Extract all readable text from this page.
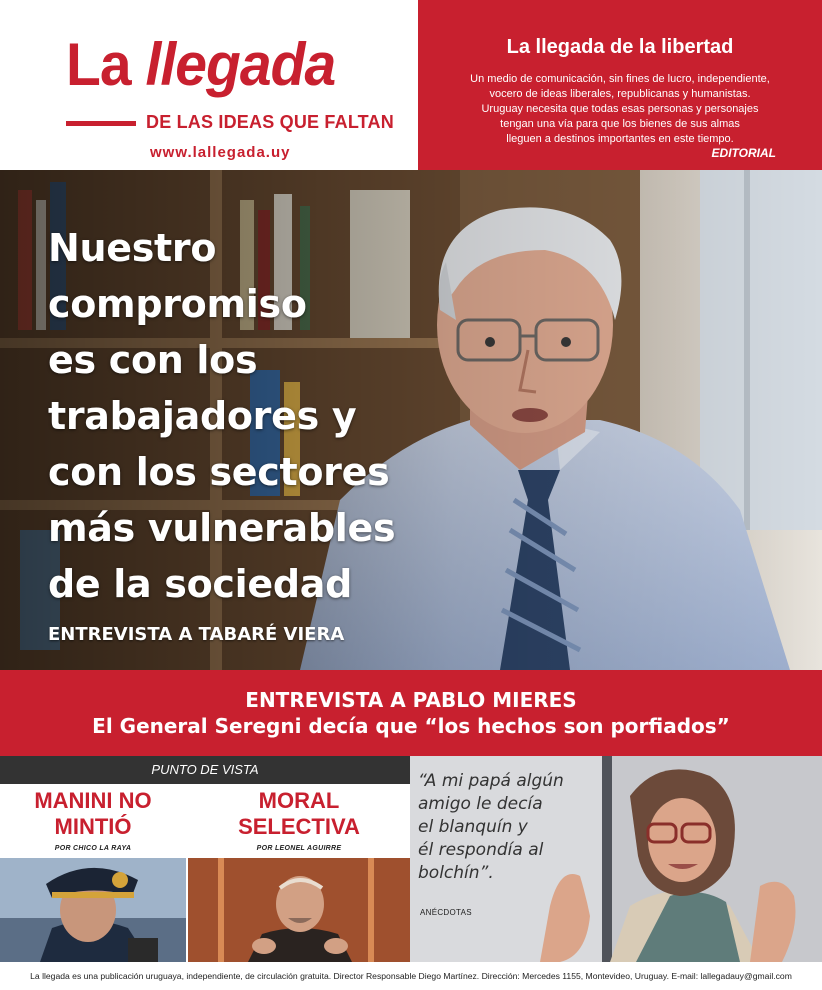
La llegada
DE LAS IDEAS QUE FALTAN
www.lallegada.uy
La llegada de la libertad
Un medio de comunicación, sin fines de lucro, independiente,
vocero de ideas liberales, republicanas y humanistas.
Uruguay necesita que todas esas personas y personajes
tengan una vía para que los bienes de sus almas
lleguen a destinos importantes en este tiempo.
EDITORIAL
Nuestro
compromiso
es con los
trabajadores y
con los sectores
más vulnerables
de la sociedad
ENTREVISTA A TABARÉ VIERA
ENTREVISTA A PABLO MIERES
El General Seregni decía que “los hechos son porfiados”
PUNTO DE VISTA
MANINI NO
MINTIÓ
POR CHICO LA RAYA
MORAL
SELECTIVA
POR LEONEL AGUIRRE
“A mi papá algún
amigo le decía
el blanquín y
él respondía al
bolchín”.
ANÉCDOTAS
La llegada es una publicación uruguaya, independiente, de circulación gratuita. Director Responsable Diego Martínez. Dirección: Mercedes 1155, Montevideo, Uruguay. E-mail: lallegadauy@gmail.com
